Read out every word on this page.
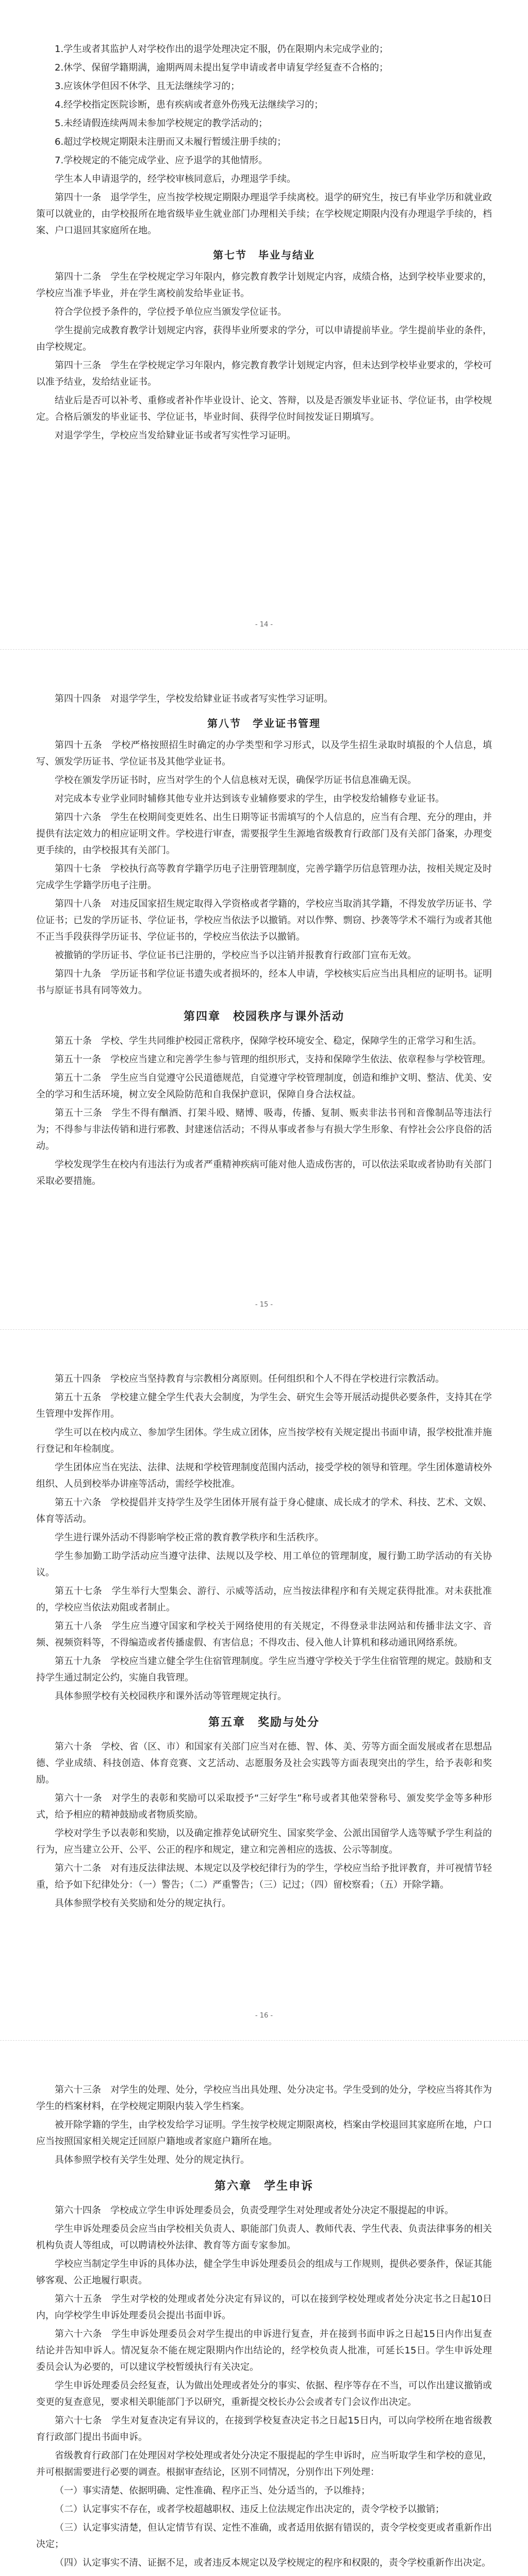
1.学生或者其监护人对学校作出的退学处理决定不服，仍在限期内未完成学业的；

2.休学、保留学籍期满，逾期两周未提出复学申请或者申请复学经复查不合格的；

3.应该休学但因不休学、且无法继续学习的；

4.经学校指定医院诊断，患有疾病或者意外伤残无法继续学习的；

5.未经请假连续两周未参加学校规定的教学活动的；

6.超过学校规定期限未注册而又未履行暂缓注册手续的；

7.学校规定的不能完成学业、应予退学的其他情形。

学生本人申请退学的，经学校审核同意后，办理退学手续。

第四十一条　退学学生，应当按学校规定期限办理退学手续离校。退学的研究生，按已有毕业学历和就业政策可以就业的，由学校报所在地省级毕业生就业部门办理相关手续；在学校规定期限内没有办理退学手续的，档案、户口退回其家庭所在地。

第七节　毕业与结业

第四十二条　学生在学校规定学习年限内，修完教育教学计划规定内容，成绩合格，达到学校毕业要求的，学校应当准予毕业，并在学生离校前发给毕业证书。

符合学位授予条件的，学位授予单位应当颁发学位证书。

学生提前完成教育教学计划规定内容，获得毕业所要求的学分，可以申请提前毕业。学生提前毕业的条件，由学校规定。

第四十三条　学生在学校规定学习年限内，修完教育教学计划规定内容，但未达到学校毕业要求的，学校可以准予结业，发给结业证书。

结业后是否可以补考、重修或者补作毕业设计、论文、答辩，以及是否颁发毕业证书、学位证书，由学校规定。合格后颁发的毕业证书、学位证书，毕业时间、获得学位时间按发证日期填写。

对退学学生，学校应当发给肄业证书或者写实性学习证明。

- 14 -

第四十四条　对退学学生，学校发给肄业证书或者写实性学习证明。

第八节　学业证书管理

第四十五条　学校严格按照招生时确定的办学类型和学习形式，以及学生招生录取时填报的个人信息，填写、颁发学历证书、学位证书及其他学业证书。

学校在颁发学历证书时，应当对学生的个人信息核对无误，确保学历证书信息准确无误。

对完成本专业学业同时辅修其他专业并达到该专业辅修要求的学生，由学校发给辅修专业证书。

第四十六条　学生在校期间变更姓名、出生日期等证书需填写的个人信息的，应当有合理、充分的理由，并提供有法定效力的相应证明文件。学校进行审查，需要报学生生源地省级教育行政部门及有关部门备案，办理变更手续的，由学校报其有关部门。

第四十七条　学校执行高等教育学籍学历电子注册管理制度，完善学籍学历信息管理办法，按相关规定及时完成学生学籍学历电子注册。

第四十八条　对违反国家招生规定取得入学资格或者学籍的，学校应当取消其学籍，不得发放学历证书、学位证书；已发的学历证书、学位证书，学校应当依法予以撤销。对以作弊、剽窃、抄袭等学术不端行为或者其他不正当手段获得学历证书、学位证书的，学校应当依法予以撤销。

被撤销的学历证书、学位证书已注册的，学校应当予以注销并报教育行政部门宣布无效。

第四十九条　学历证书和学位证书遗失或者损坏的，经本人申请，学校核实后应当出具相应的证明书。证明书与原证书具有同等效力。

第四章　校园秩序与课外活动

第五十条　学校、学生共同维护校园正常秩序，保障学校环境安全、稳定，保障学生的正常学习和生活。

第五十一条　学校应当建立和完善学生参与管理的组织形式，支持和保障学生依法、依章程参与学校管理。

第五十二条　学生应当自觉遵守公民道德规范，自觉遵守学校管理制度，创造和维护文明、整洁、优美、安全的学习和生活环境，树立安全风险防范和自我保护意识，保障自身合法权益。

第五十三条　学生不得有酗酒、打架斗殴、赌博、吸毒，传播、复制、贩卖非法书刊和音像制品等违法行为；不得参与非法传销和进行邪教、封建迷信活动；不得从事或者参与有损大学生形象、有悖社会公序良俗的活动。

学校发现学生在校内有违法行为或者严重精神疾病可能对他人造成伤害的，可以依法采取或者协助有关部门采取必要措施。

- 15 -

第五十四条　学校应当坚持教育与宗教相分离原则。任何组织和个人不得在学校进行宗教活动。

第五十五条　学校建立健全学生代表大会制度，为学生会、研究生会等开展活动提供必要条件，支持其在学生管理中发挥作用。

学生可以在校内成立、参加学生团体。学生成立团体，应当按学校有关规定提出书面申请，报学校批准并施行登记和年检制度。

学生团体应当在宪法、法律、法规和学校管理制度范围内活动，接受学校的领导和管理。学生团体邀请校外组织、人员到校举办讲座等活动，需经学校批准。

第五十六条　学校提倡并支持学生及学生团体开展有益于身心健康、成长成才的学术、科技、艺术、文娱、体育等活动。

学生进行课外活动不得影响学校正常的教育教学秩序和生活秩序。

学生参加勤工助学活动应当遵守法律、法规以及学校、用工单位的管理制度，履行勤工助学活动的有关协议。

第五十七条　学生举行大型集会、游行、示威等活动，应当按法律程序和有关规定获得批准。对未获批准的，学校应当依法劝阻或者制止。

第五十八条　学生应当遵守国家和学校关于网络使用的有关规定，不得登录非法网站和传播非法文字、音频、视频资料等，不得编造或者传播虚假、有害信息；不得攻击、侵入他人计算机和移动通讯网络系统。

第五十九条　学校应当建立健全学生住宿管理制度。学生应当遵守学校关于学生住宿管理的规定。鼓励和支持学生通过制定公约，实施自我管理。

具体参照学校有关校园秩序和课外活动等管理规定执行。

第五章　奖励与处分

第六十条　学校、省（区、市）和国家有关部门应当对在德、智、体、美、劳等方面全面发展或者在思想品德、学业成绩、科技创造、体育竞赛、文艺活动、志愿服务及社会实践等方面表现突出的学生，给予表彰和奖励。

第六十一条　对学生的表彰和奖励可以采取授予“三好学生”称号或者其他荣誉称号、颁发奖学金等多种形式，给予相应的精神鼓励或者物质奖励。

学校对学生予以表彰和奖励，以及确定推荐免试研究生、国家奖学金、公派出国留学人选等赋予学生利益的行为，应当建立公开、公平、公正的程序和规定，建立和完善相应的选拔、公示等制度。

第六十二条　对有违反法律法规、本规定以及学校纪律行为的学生，学校应当给予批评教育，并可视情节轻重，给予如下纪律处分：（一）警告；（二）严重警告；（三）记过；（四）留校察看；（五）开除学籍。

具体参照学校有关奖励和处分的规定执行。

- 16 -

第六十三条　对学生的处理、处分，学校应当出具处理、处分决定书。学生受到的处分，学校应当将其作为学生的档案材料，在学校规定期限内装入学生档案。

被开除学籍的学生，由学校发给学习证明。学生按学校规定期限离校，档案由学校退回其家庭所在地，户口应当按照国家相关规定迁回原户籍地或者家庭户籍所在地。

具体参照学校有关学生处理、处分的规定执行。

第六章　学生申诉

第六十四条　学校成立学生申诉处理委员会，负责受理学生对处理或者处分决定不服提起的申诉。

学生申诉处理委员会应当由学校相关负责人、职能部门负责人、教师代表、学生代表、负责法律事务的相关机构负责人等组成，可以聘请校外法律、教育等方面专家参加。

学校应当制定学生申诉的具体办法，健全学生申诉处理委员会的组成与工作规则，提供必要条件，保证其能够客观、公正地履行职责。

第六十五条　学生对学校的处理或者处分决定有异议的，可以在接到学校处理或者处分决定书之日起10日内，向学校学生申诉处理委员会提出书面申诉。

第六十六条　学生申诉处理委员会对学生提出的申诉进行复查，并在接到书面申诉之日起15日内作出复查结论并告知申诉人。情况复杂不能在规定限期内作出结论的，经学校负责人批准，可延长15日。学生申诉处理委员会认为必要的，可以建议学校暂缓执行有关决定。

学生申诉处理委员会经复查，认为做出处理或者处分的事实、依据、程序等存在不当，可以作出建议撤销或变更的复查意见，要求相关职能部门予以研究，重新提交校长办公会或者专门会议作出决定。

第六十七条　学生对复查决定有异议的，在接到学校复查决定书之日起15日内，可以向学校所在地省级教育行政部门提出书面申诉。

省级教育行政部门在处理因对学校处理或者处分决定不服提起的学生申诉时，应当听取学生和学校的意见，并可根据需要进行必要的调查。根据审查结论，区别不同情况，分别作出下列处理：

（一）事实清楚、依据明确、定性准确、程序正当、处分适当的，予以维持；

（二）认定事实不存在，或者学校超越职权、违反上位法规定作出决定的，责令学校予以撤销；

（三）认定事实清楚，但认定情节有误、定性不准确，或者适用依据有错误的，责令学校变更或者重新作出决定；

（四）认定事实不清、证据不足，或者违反本规定以及学校规定的程序和权限的，责令学校重新作出决定。
